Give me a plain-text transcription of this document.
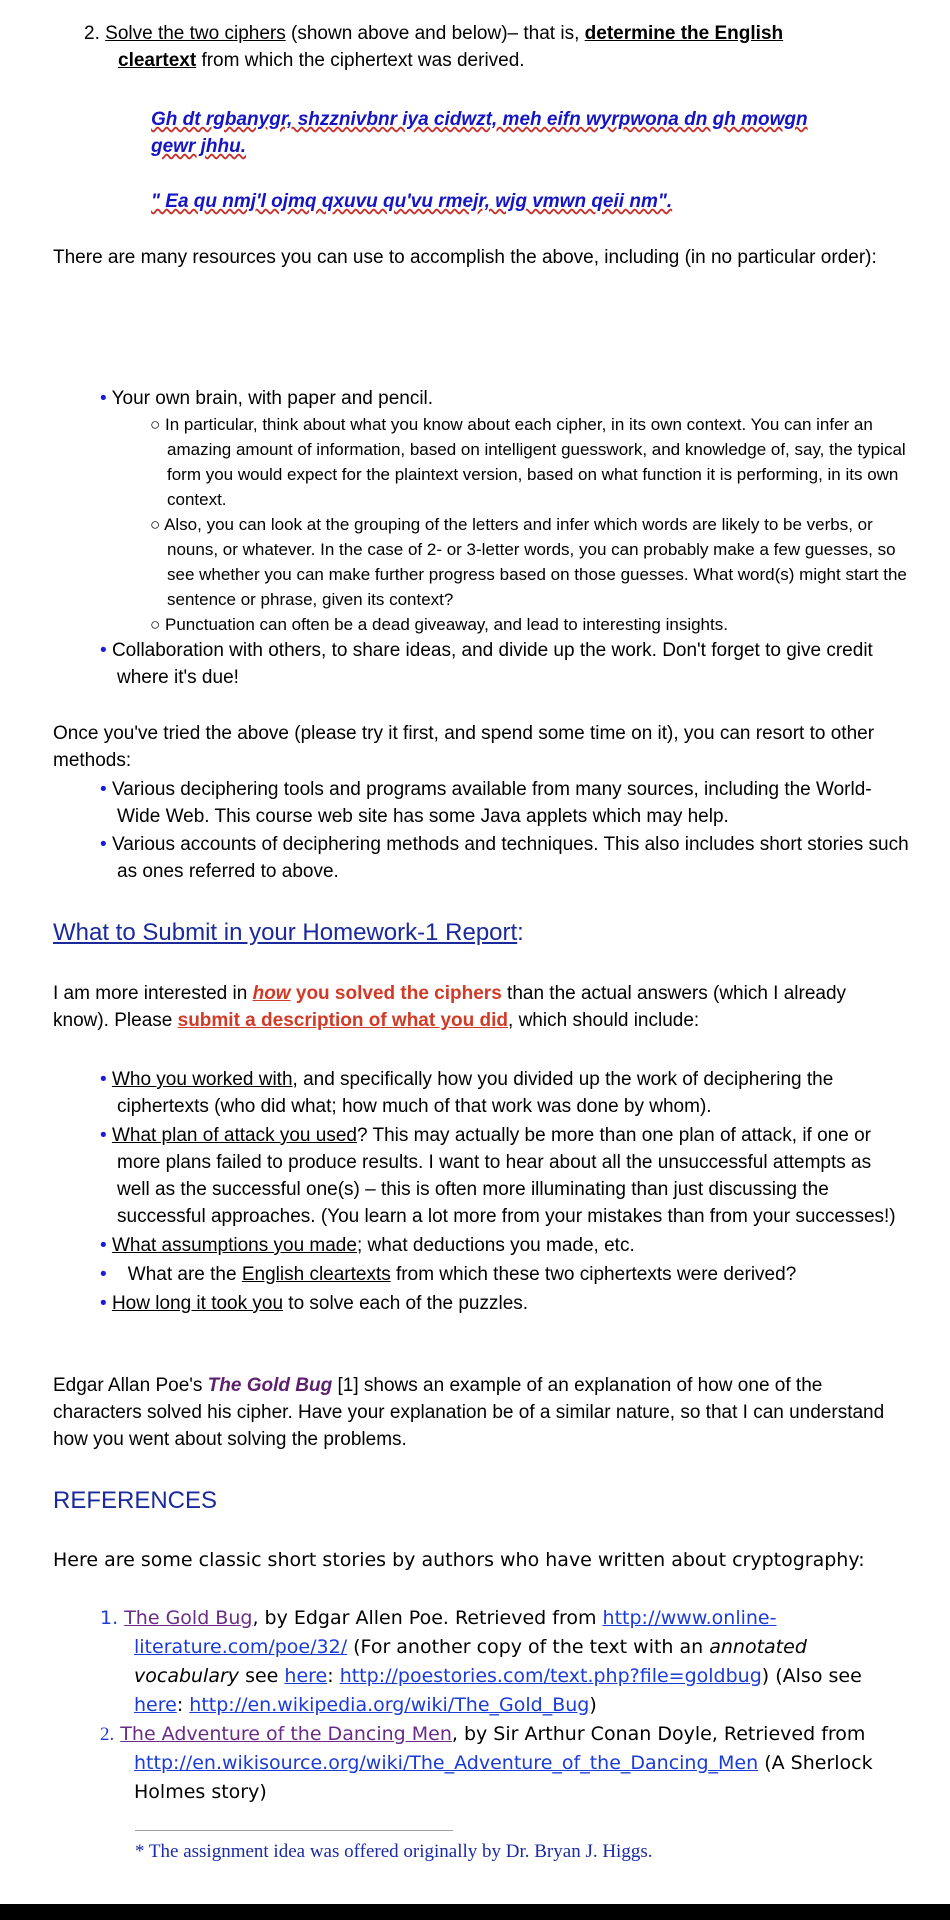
2. Solve the two ciphers (shown above and below)– that is, determine the English
cleartext from which the ciphertext was derived.
Gh dt rgbanygr, shzznivbnr iya cidwzt, meh eifn wyrpwona dn gh mowgn
gewr jhhu.
" Ea qu nmj'l ojmq qxuvu qu'vu rmejr, wjg vmwn qeii nm".
There are many resources you can use to accomplish the above, including (in no particular order):
• Your own brain, with paper and pencil.
○ In particular, think about what you know about each cipher, in its own context. You can infer an amazing amount of information, based on intelligent guesswork, and knowledge of, say, the typical form you would expect for the plaintext version, based on what function it is performing, in its own context.
○ Also, you can look at the grouping of the letters and infer which words are likely to be verbs, or nouns, or whatever. In the case of 2- or 3-letter words, you can probably make a few guesses, so see whether you can make further progress based on those guesses. What word(s) might start the sentence or phrase, given its context?
○ Punctuation can often be a dead giveaway, and lead to interesting insights.
• Collaboration with others, to share ideas, and divide up the work. Don't forget to give credit where it's due!
Once you've tried the above (please try it first, and spend some time on it), you can resort to other methods:
• Various deciphering tools and programs available from many sources, including the World-Wide Web. This course web site has some Java applets which may help.
• Various accounts of deciphering methods and techniques. This also includes short stories such as ones referred to above.
What to Submit in your Homework-1 Report:
I am more interested in how you solved the ciphers than the actual answers (which I already know). Please submit a description of what you did, which should include:
• Who you worked with, and specifically how you divided up the work of deciphering the ciphertexts (who did what; how much of that work was done by whom).
• What plan of attack you used? This may actually be more than one plan of attack, if one or more plans failed to produce results. I want to hear about all the unsuccessful attempts as well as the successful one(s) – this is often more illuminating than just discussing the successful approaches. (You learn a lot more from your mistakes than from your successes!)
• What assumptions you made; what deductions you made, etc.
• What are the English cleartexts from which these two ciphertexts were derived?
• How long it took you to solve each of the puzzles.
Edgar Allan Poe's The Gold Bug [1] shows an example of an explanation of how one of the characters solved his cipher. Have your explanation be of a similar nature, so that I can understand how you went about solving the problems.
REFERENCES
Here are some classic short stories by authors who have written about cryptography:
1. The Gold Bug, by Edgar Allen Poe. Retrieved from http://www.online-literature.com/poe/32/ (For another copy of the text with an annotated vocabulary see here: http://poestories.com/text.php?file=goldbug) (Also see here: http://en.wikipedia.org/wiki/The_Gold_Bug)
2. The Adventure of the Dancing Men, by Sir Arthur Conan Doyle, Retrieved from http://en.wikisource.org/wiki/The_Adventure_of_the_Dancing_Men (A Sherlock Holmes story)
* The assignment idea was offered originally by Dr. Bryan J. Higgs.
